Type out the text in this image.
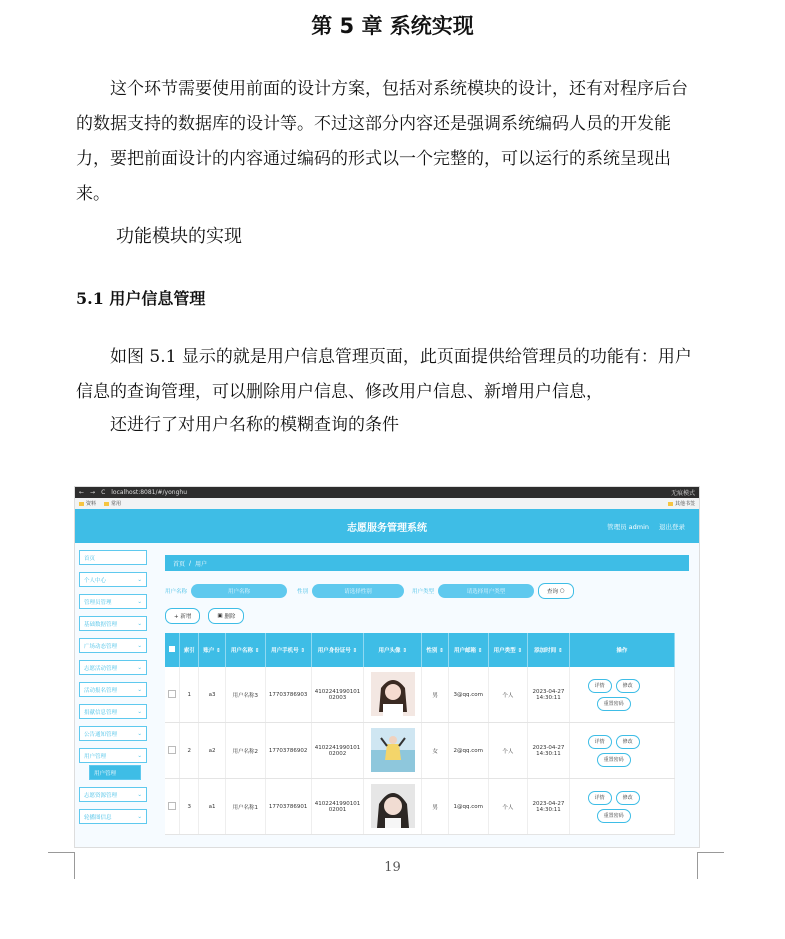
第 5 章 系统实现
这个环节需要使用前面的设计方案，包括对系统模块的设计，还有对程序后台的数据支持的数据库的设计等。不过这部分内容还是强调系统编码人员的开发能力，要把前面设计的内容通过编码的形式以一个完整的，可以运行的系统呈现出来。
功能模块的实现
5.1 用户信息管理
如图 5.1 显示的就是用户信息管理页面，此页面提供给管理员的功能有：用户信息的查询管理，可以删除用户信息、修改用户信息、新增用户信息，
还进行了对用户名称的模糊查询的条件
← → C localhost:8081/#/yonghu	无痕模式
资料	常用	其他书签
志愿服务管理系统	管理员 admin 退出登录
首页
个人中心	⌄
管理员管理	⌄
基础数据管理	⌄
广场动态管理	⌄
志愿活动管理	⌄
活动报名管理	⌄
捐献信息管理	⌄
公告通知管理	⌄
用户管理	⌄
用户管理
志愿资源管理	⌄
轮播图信息	⌄
首页 / 用户
用户名称	用户名称	性别	请选择性别	用户类型	请选择用户类型	查询
○
+ 新增	▣
删除
	索引	账户 ⇕	用户名称 ⇕	用户手机号 ⇕	用户身份证号 ⇕	用户头像 ⇕	性别 ⇕	用户邮箱 ⇕	用户类型 ⇕	添加时间 ⇕	操作
	1	a3	用户名称3	17703786903	410224199010102003		男	3@qq.com	个人	2023-04-27 14:30:11	详情 修改
重置密码

	2	a2	用户名称2	17703786902	410224199010102002		女	2@qq.com	个人	2023-04-27 14:30:11	详情 修改
重置密码

	3	a1	用户名称1	17703786901	410224199010102001		男	1@qq.com	个人	2023-04-27 14:30:11	详情 修改
重置密码
19
